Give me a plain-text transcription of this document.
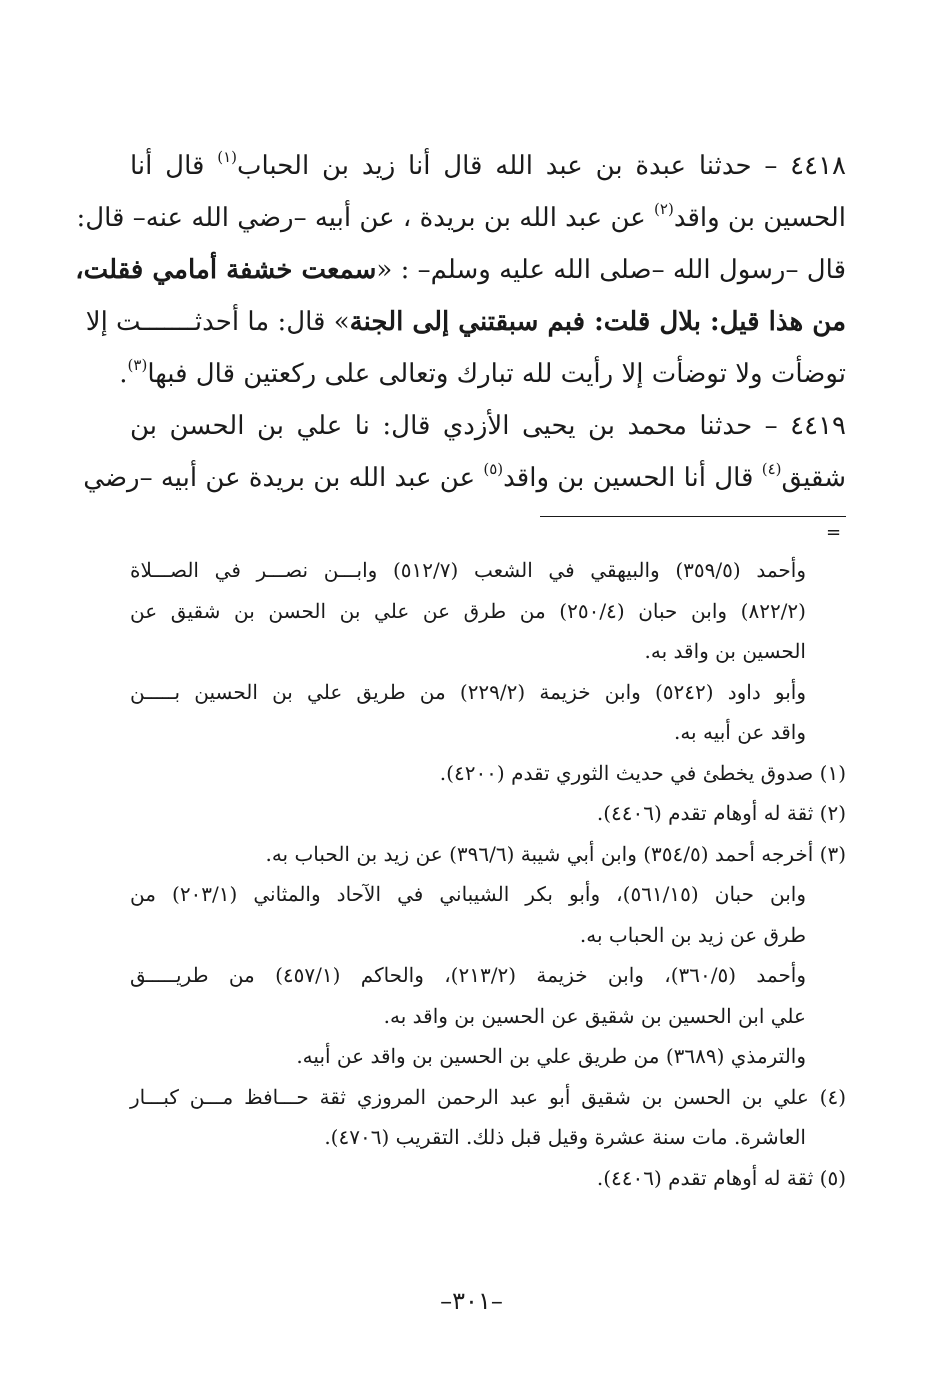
٤٤١٨ – حدثنا عبدة بن عبد الله قال أنا زيد بن الحباب$^{(١)}$ قال أنا
الحسين بن واقد$^{(٢)}$ عن عبد الله بن بريدة ، عن أبيه –رضي الله عنه– قال:
قال –رسول الله –صلى الله عليه وسلم– : «سمعت خشفة أمامي فقلت،
من هذا قيل: بلال قلت: فبم سبقتني إلى الجنة» قال: ما أحدثـــــــت إلا
توضأت ولا توضأت إلا رأيت لله تبارك وتعالى على ركعتين قال فبها$^{(٣)}$.
٤٤١٩ – حدثنا محمد بن يحيى الأزدي قال: نا علي بن الحسن بن
شقيق$^{(٤)}$ قال أنا الحسين بن واقد$^{(٥)}$ عن عبد الله بن بريدة عن أبيه –رضي
=
وأحمد (٣٥٩/٥) والبيهقي في الشعب (٥١٢/٧) وابـــن نصـــر في الصـــلاة
(٨٢٢/٢) وابن حبان (٢٥٠/٤) من طرق عن علي بن الحسن بن شقيق عن
الحسين بن واقد به.
وأبو داود (٥٢٤٢) وابن خزيمة (٢٢٩/٢) من طريق علي بن الحسين بـــــن
واقد عن أبيه به.
(١) صدوق يخطئ في حديث الثوري تقدم (٤٢٠٠).
(٢) ثقة له أوهام تقدم (٤٤٠٦).
(٣) أخرجه أحمد (٣٥٤/٥) وابن أبي شيبة (٣٩٦/٦) عن زيد بن الحباب به.
وابن حبان (٥٦١/١٥)، وأبو بكر الشيباني في الآحاد والمثاني (٢٠٣/١) من
طرق عن زيد بن الحباب به.
وأحمد (٣٦٠/٥)، وابن خزيمة (٢١٣/٢)، والحاكم (٤٥٧/١) من طريـــــق
علي ابن الحسين بن شقيق عن الحسين بن واقد به.
والترمذي (٣٦٨٩) من طريق علي بن الحسين بن واقد عن أبيه.
(٤) علي بن الحسن بن شقيق أبو عبد الرحمن المروزي ثقة حـــافظ مـــن كبـــار
العاشرة. مات سنة عشرة وقيل قبل ذلك. التقريب (٤٧٠٦).
(٥) ثقة له أوهام تقدم (٤٤٠٦).
–٣٠١–
